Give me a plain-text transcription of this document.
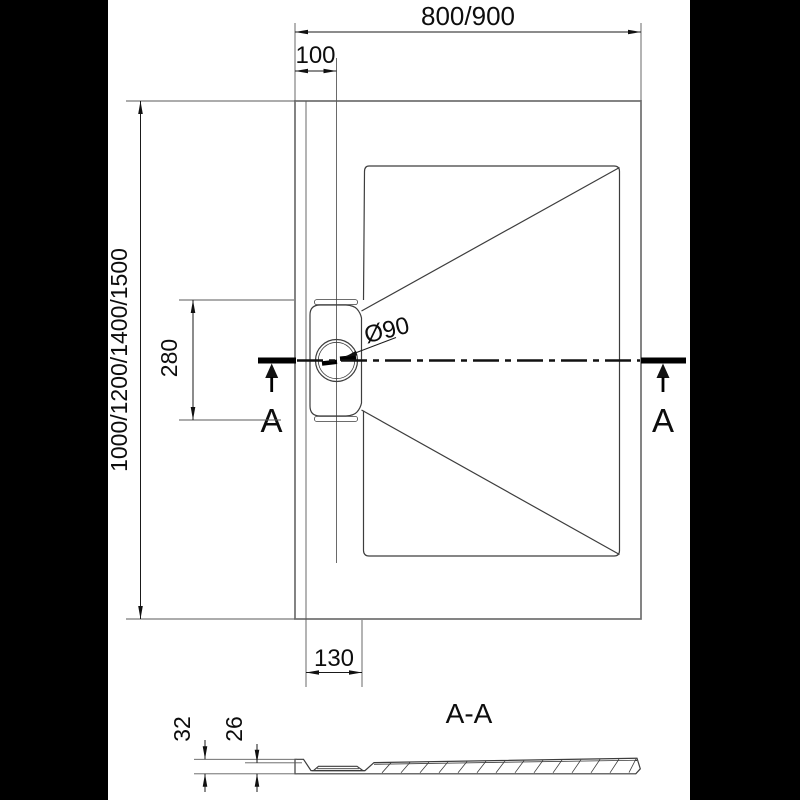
A	A
800/900
100
1000/1200/1400/1500 280
Ø90
130
A-A
32 26
